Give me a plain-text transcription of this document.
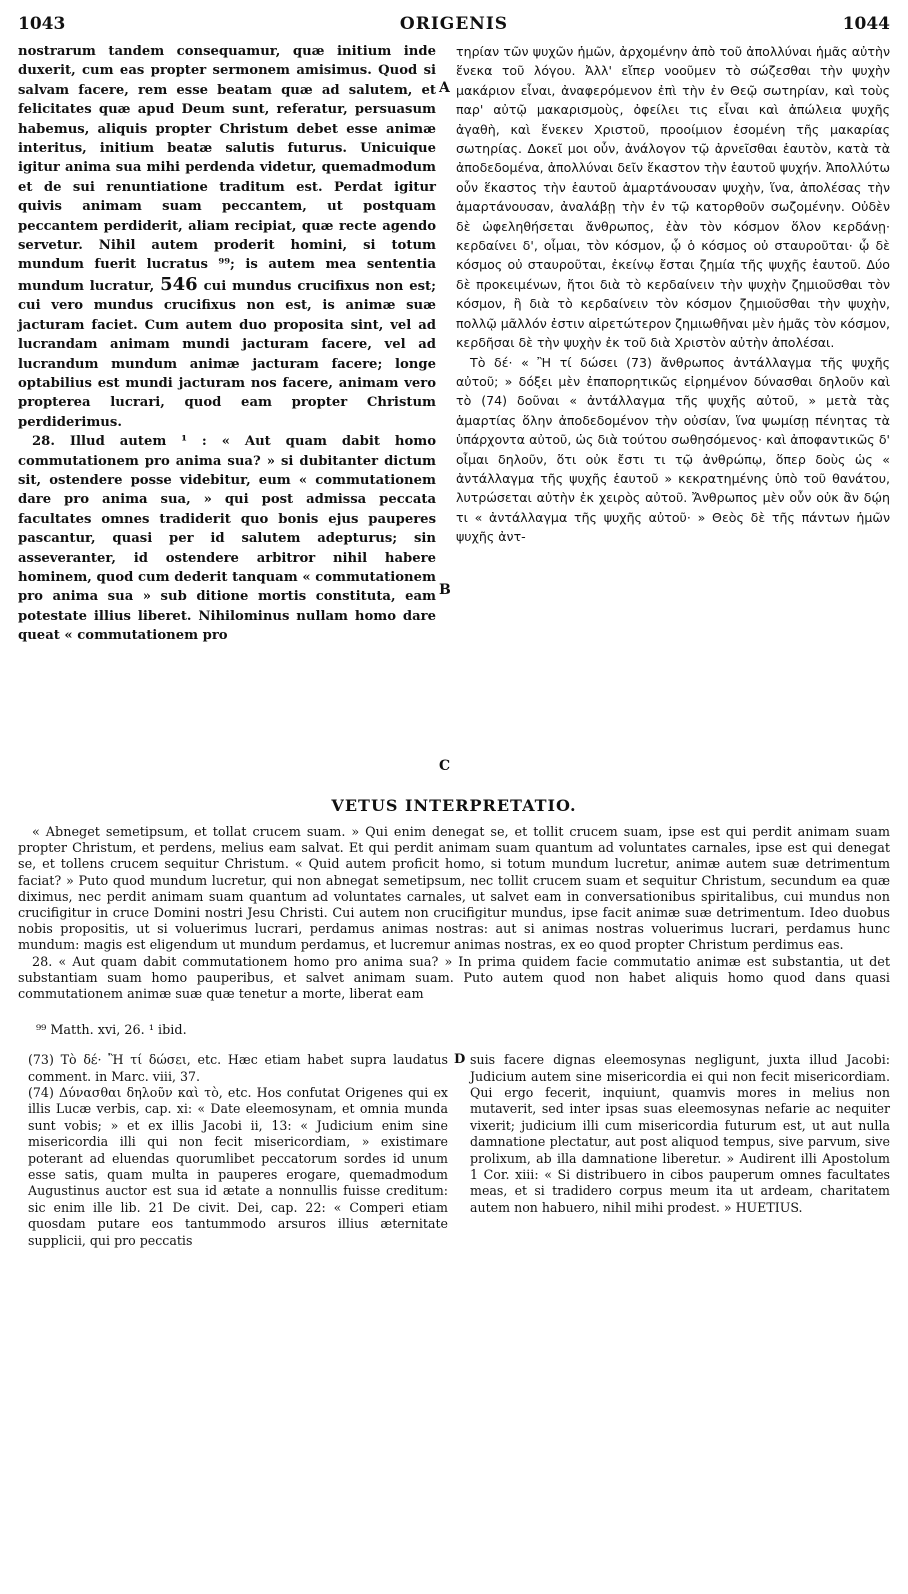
1043	ORIGENIS	1044

nostrarum tandem consequamur, quæ initium inde duxerit, cum eas propter sermonem amisimus. Quod si salvam facere, rem esse beatam quæ ad salutem, et felicitates quæ apud Deum sunt, referatur, persuasum habemus, aliquis propter Christum debet esse animæ interitus, initium beatæ salutis futurus. Unicuique igitur anima sua mihi perdenda videtur, quemadmodum et de sui renuntiatione traditum est. Perdat igitur quivis animam suam peccantem, ut postquam peccantem perdiderit, aliam recipiat, quæ recte agendo servetur. Nihil autem proderit homini, si totum mundum fuerit lucratus ⁹⁹; is autem mea sententia mundum lucratur, 546 cui mundus crucifixus non est; cui vero mundus crucifixus non est, is animæ suæ jacturam faciet. Cum autem duo proposita sint, vel ad lucrandam animam mundi jacturam facere, vel ad lucrandum mundum animæ jacturam facere; longe optabilius est mundi jacturam nos facere, animam vero propterea lucrari, quod eam propter Christum perdiderimus.

28. Illud autem ¹ : « Aut quam dabit homo commutationem pro anima sua? » si dubitanter dictum sit, ostendere posse videbitur, eum « commutationem dare pro anima sua, » qui post admissa peccata facultates omnes tradiderit quo bonis ejus pauperes pascantur, quasi per id salutem adepturus; sin asseveranter, id ostendere arbitror nihil habere hominem, quod cum dederit tanquam « commutationem pro anima sua » sub ditione mortis constituta, eam potestate illius liberet. Nihilominus nullam homo dare queat « commutationem pro

A
B
C

τηρίαν τῶν ψυχῶν ἡμῶν, ἀρχομένην ἀπὸ τοῦ ἀπολλύναι ἡμᾶς αὐτὴν ἕνεκα τοῦ λόγου. Ἀλλ' εἴπερ νοοῦμεν τὸ σώζεσθαι τὴν ψυχὴν μακάριον εἶναι, ἀναφερόμενον ἐπὶ τὴν ἐν Θεῷ σωτηρίαν, καὶ τοὺς παρ' αὐτῷ μακαρισμοὺς, ὀφείλει τις εἶναι καὶ ἀπώλεια ψυχῆς ἀγαθὴ, καὶ ἕνεκεν Χριστοῦ, προοίμιον ἐσομένη τῆς μακαρίας σωτηρίας. Δοκεῖ μοι οὖν, ἀνάλογον τῷ ἀρνεῖσθαι ἑαυτὸν, κατὰ τὰ ἀποδεδομένα, ἀπολλύναι δεῖν ἕκαστον τὴν ἑαυτοῦ ψυχήν. Ἀπολλύτω οὖν ἕκαστος τὴν ἑαυτοῦ ἁμαρτάνουσαν ψυχὴν, ἵνα, ἀπολέσας τὴν ἁμαρτάνουσαν, ἀναλάβῃ τὴν ἐν τῷ κατορθοῦν σωζομένην. Οὐδὲν δὲ ὠφεληθήσεται ἄνθρωπος, ἐὰν τὸν κόσμον ὅλον κερδάνῃ· κερδαίνει δ', οἶμαι, τὸν κόσμον, ᾧ ὁ κόσμος οὐ σταυροῦται· ᾧ δὲ κόσμος οὐ σταυροῦται, ἐκείνῳ ἔσται ζημία τῆς ψυχῆς ἑαυτοῦ. Δύο δὲ προκειμένων, ἤτοι διὰ τὸ κερδαίνειν τὴν ψυχὴν ζημιοῦσθαι τὸν κόσμον, ἢ διὰ τὸ κερδαίνειν τὸν κόσμον ζημιοῦσθαι τὴν ψυχὴν, πολλῷ μᾶλλόν ἐστιν αἱρετώτερον ζημιωθῆναι μὲν ἡμᾶς τὸν κόσμον, κερδῆσαι δὲ τὴν ψυχὴν ἐκ τοῦ διὰ Χριστὸν αὐτὴν ἀπολέσαι.

Τὸ δέ· « Ἢ τί δώσει (73) ἄνθρωπος ἀντάλλαγμα τῆς ψυχῆς αὐτοῦ; » δόξει μὲν ἐπαπορητικῶς εἰρημένον δύνασθαι δηλοῦν καὶ τὸ (74) δοῦναι « ἀντάλλαγμα τῆς ψυχῆς αὐτοῦ, » μετὰ τὰς ἁμαρτίας ὅλην ἀποδεδομένον τὴν οὐσίαν, ἵνα ψωμίσῃ πένητας τὰ ὑπάρχοντα αὐτοῦ, ὡς διὰ τούτου σωθησόμενος· καὶ ἀποφαντικῶς δ' οἶμαι δηλοῦν, ὅτι οὐκ ἔστι τι τῷ ἀνθρώπῳ, ὅπερ δοὺς ὡς « ἀντάλλαγμα τῆς ψυχῆς ἑαυτοῦ » κεκρατημένης ὑπὸ τοῦ θανάτου, λυτρώσεται αὐτὴν ἐκ χειρὸς αὐτοῦ. Ἄνθρωπος μὲν οὖν οὐκ ἂν δῴη τι « ἀντάλλαγμα τῆς ψυχῆς αὐτοῦ· » Θεὸς δὲ τῆς πάντων ἡμῶν ψυχῆς ἀντ-

VETUS INTERPRETATIO.

« Abneget semetipsum, et tollat crucem suam. » Qui enim denegat se, et tollit crucem suam, ipse est qui perdit animam suam propter Christum, et perdens, melius eam salvat. Et qui perdit animam suam quantum ad voluntates carnales, ipse est qui denegat se, et tollens crucem sequitur Christum. « Quid autem proficit homo, si totum mundum lucretur, animæ autem suæ detrimentum faciat? » Puto quod mundum lucretur, qui non abnegat semetipsum, nec tollit crucem suam et sequitur Christum, secundum ea quæ diximus, nec perdit animam suam quantum ad voluntates carnales, ut salvet eam in conversationibus spiritalibus, cui mundus non crucifigitur in cruce Domini nostri Jesu Christi. Cui autem non crucifigitur mundus, ipse facit animæ suæ detrimentum. Ideo duobus nobis propositis, ut si voluerimus lucrari, perdamus animas nostras: aut si animas nostras voluerimus lucrari, perdamus hunc mundum: magis est eligendum ut mundum perdamus, et lucremur animas nostras, ex eo quod propter Christum perdimus eas.

28. « Aut quam dabit commutationem homo pro anima sua? » In prima quidem facie commutatio animæ est substantia, ut det substantiam suam homo pauperibus, et salvet animam suam. Puto autem quod non habet aliquis homo quod dans quasi commutationem animæ suæ quæ tenetur a morte, liberat eam

⁹⁹ Matth. xvi, 26. ¹ ibid.
(73) Τὸ δέ· Ἢ τί δώσει, etc. Hæc etiam habet supra laudatus comment. in Marc. viii, 37.
(74) Δύνασθαι δηλοῦν καὶ τὸ, etc. Hos confutat Origenes qui ex illis Lucæ verbis, cap. xi: « Date eleemosynam, et omnia munda sunt vobis; » et ex illis Jacobi ii, 13: « Judicium enim sine misericordia illi qui non fecit misericordiam, » existimare poterant ad eluendas quorumlibet peccatorum sordes id unum esse satis, quam multa in pauperes erogare, quemadmodum Augustinus auctor est sua id ætate a nonnullis fuisse creditum: sic enim ille lib. 21 De civit. Dei, cap. 22: « Comperi etiam quosdam putare eos tantummodo arsuros illius æternitate supplicii, qui pro peccatis
D suis facere dignas eleemosynas negligunt, juxta illud Jacobi: Judicium autem sine misericordia ei qui non fecit misericordiam. Qui ergo fecerit, inquiunt, quamvis mores in melius non mutaverit, sed inter ipsas suas eleemosynas nefarie ac nequiter vixerit; judicium illi cum misericordia futurum est, ut aut nulla damnatione plectatur, aut post aliquod tempus, sive parvum, sive prolixum, ab illa damnatione liberetur. » Audirent illi Apostolum 1 Cor. xiii: « Si distribuero in cibos pauperum omnes facultates meas, et si tradidero corpus meum ita ut ardeam, charitatem autem non habuero, nihil mihi prodest. » HUETIUS.
